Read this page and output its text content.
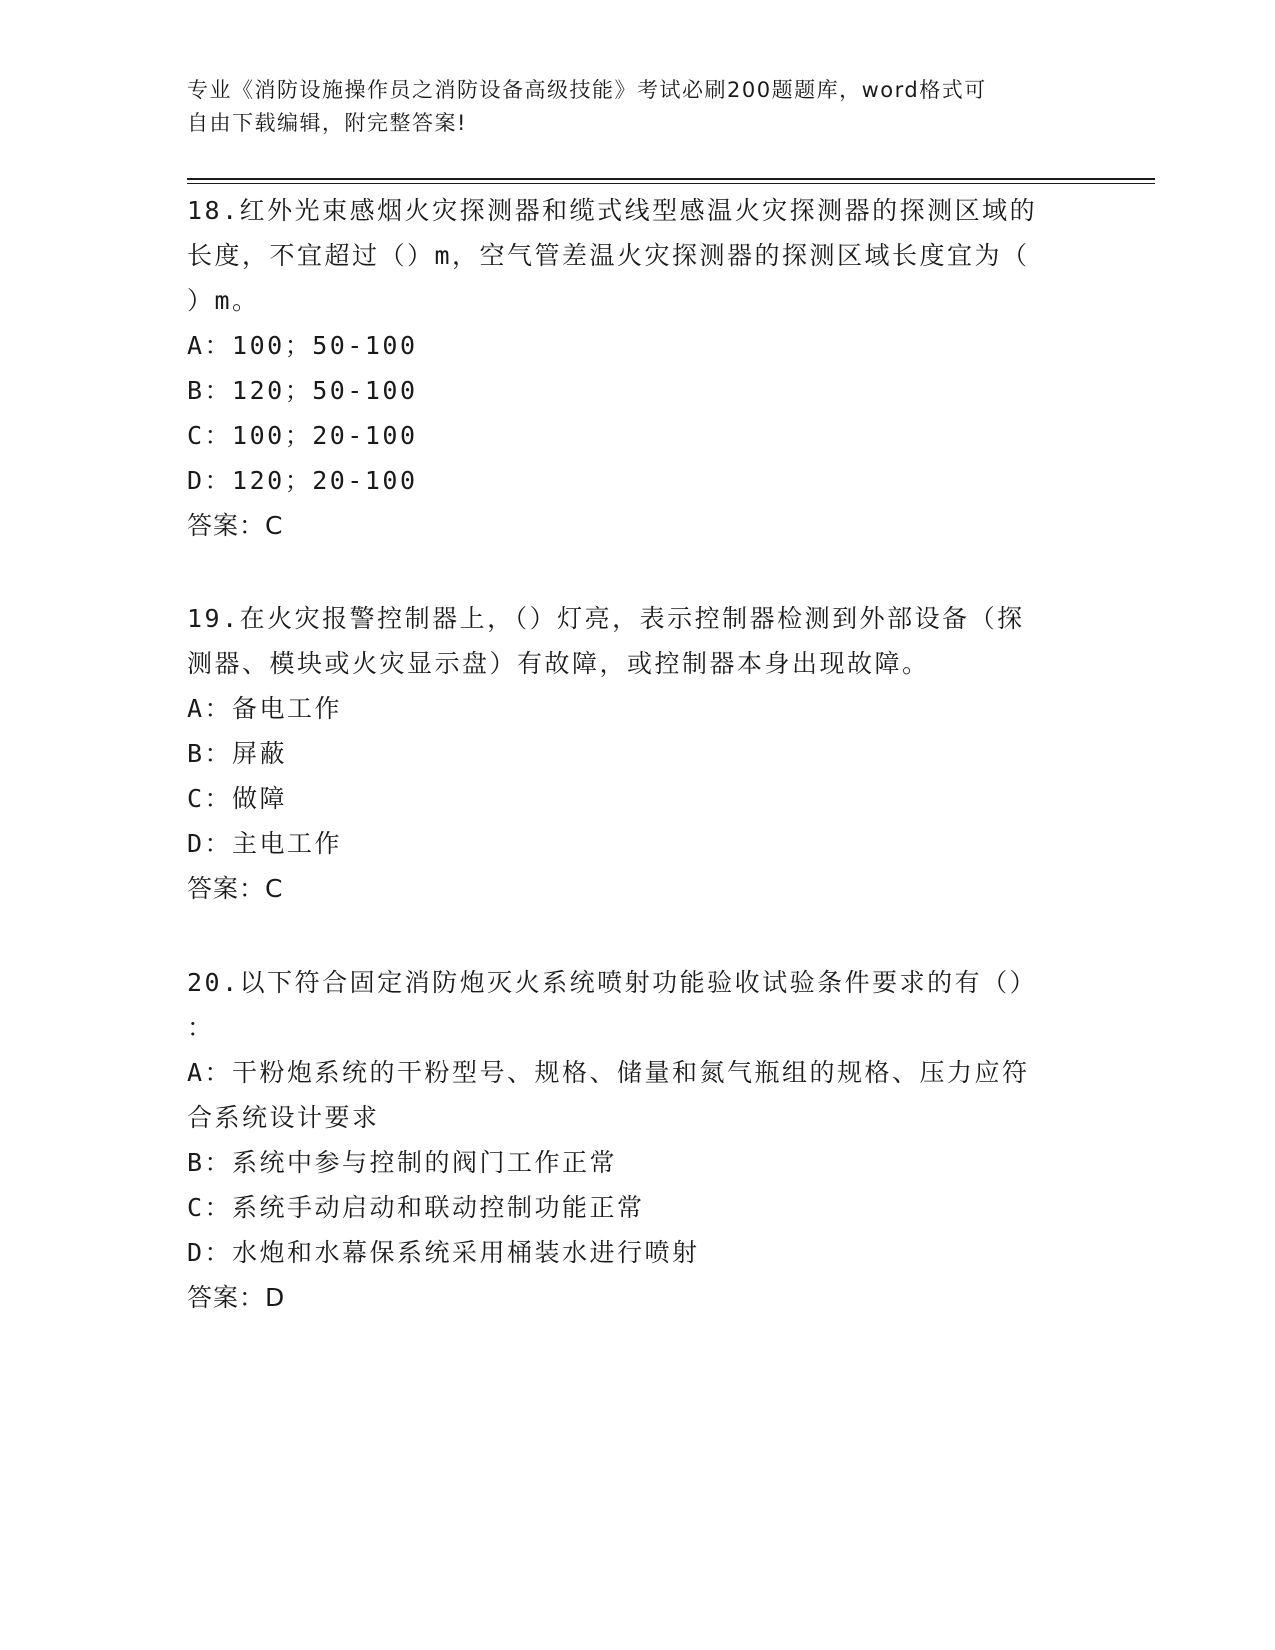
专业《消防设施操作员之消防设备高级技能》考试必刷200题题库，word格式可
自由下载编辑，附完整答案!
18.红外光束感烟火灾探测器和缆式线型感温火灾探测器的探测区域的
长度，不宜超过（）m，空气管差温火灾探测器的探测区域长度宜为（
）m。
A：100；50-100
B：120；50-100
C：100；20-100
D：120；20-100
答案：C
19.在火灾报警控制器上，（）灯亮，表示控制器检测到外部设备（探
测器、模块或火灾显示盘）有故障，或控制器本身出现故障。
A：备电工作
B：屏蔽
C：做障
D：主电工作
答案：C
20.以下符合固定消防炮灭火系统喷射功能验收试验条件要求的有（）
：
A：干粉炮系统的干粉型号、规格、储量和氮气瓶组的规格、压力应符
合系统设计要求
B：系统中参与控制的阀门工作正常
C：系统手动启动和联动控制功能正常
D：水炮和水幕保系统采用桶装水进行喷射
答案：D
